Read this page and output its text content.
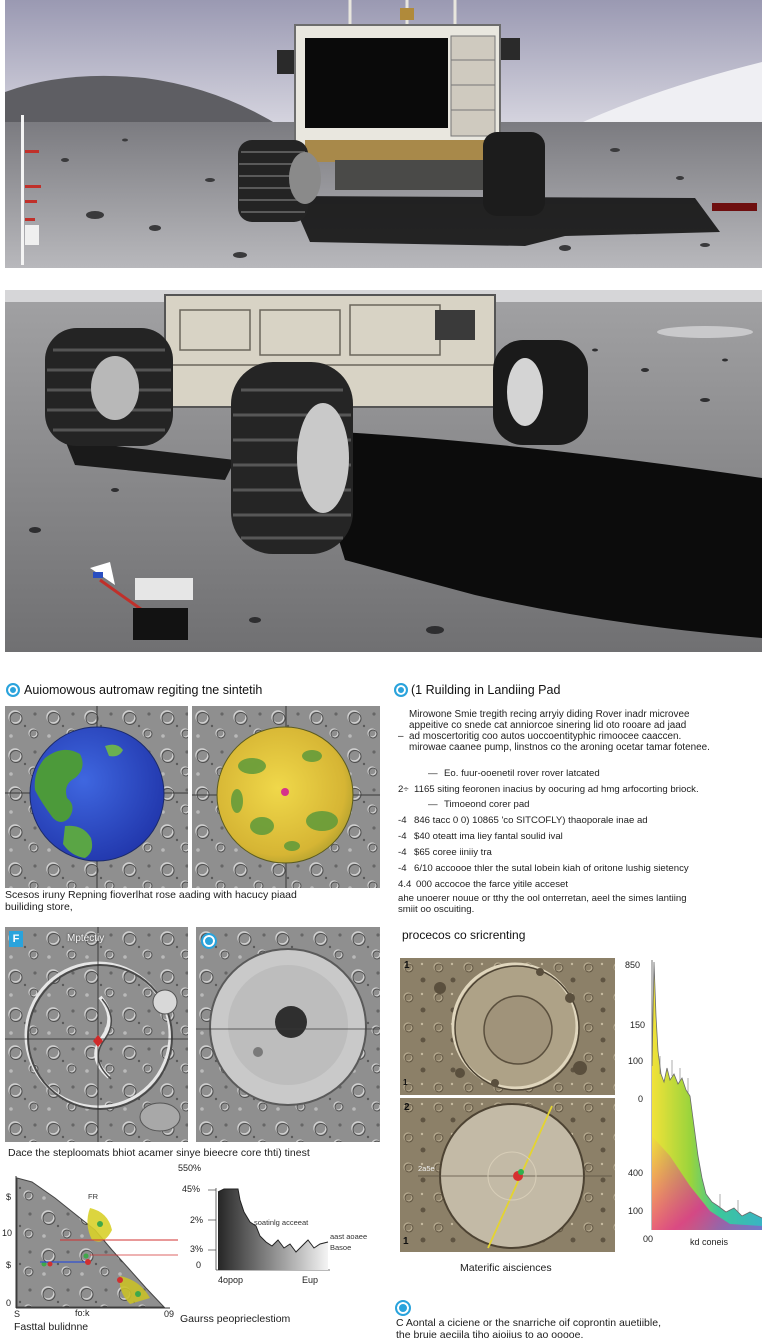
Auiomowous autromaw regiting tne sintetih	(1 Ruilding in Landiing Pad
Scesos iruny Repning fioverlhat rose aading with hacucy piaad
builiding store,
Mirowone Smie tregith recing arryiy diding Rover inadr microvee
appeitive co snede cat anniorcoe sinering lid oto rooare ad jaad
– ad moscertoritig coo autos uoccoentityphic rimoocee caaccen.
mirowae caanee pump, linstnos co the aroning ocetar tamar fotenee.
— Eo. fuur-ooenetil rover rover latcated
2÷ 1165 siting feoronen inacius by oocuring ad hmg arfocorting briock.
— Timoeond corer pad
-4 846 tacc 0 0) 10865 'co SITCOFLY) thaoporale inae ad
-4 $40 oteatt ima liey fantal soulid ival
-4 $65 coree iiniiy tra
-4 6/10 accoooe thler the sutal lobein kiah of oritone lushig sietency
4.4 000 accocoe the farce yitile acceset
ahe unoerer nouue or tthy the ool onterretan, aeel the simes lantiing
smiit oo oscuiting.
Mptectiy
F
Dace the steploomats bhiot acamer sinye bieecre core thti) tinest
FR
$
10
$
0
S	fo:k	09
Fasttal bulidnne
550%
45%
2%
3%
0
4opop	Eup
soatinlg acceeat
aast aoaee
Basoe
Gaurss peoprieclestiom
procecos co sricrenting
1
1
2
1
2a5e
Materific aisciences
850
150
100
0
400
100
00	kd coneis
C Aontal a ciciene or the snarriche oif coprontin auetiible,
the bruie aeciila tiho aioiius to ao ooooe.
